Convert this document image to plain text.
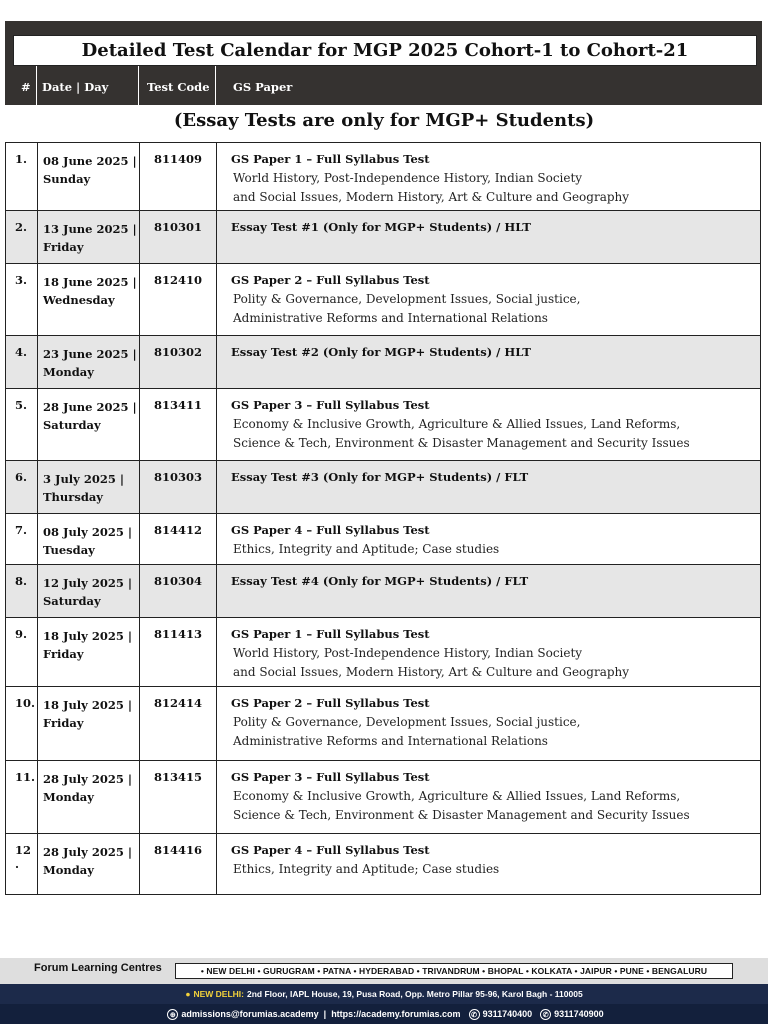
Detailed Test Calendar for MGP 2025 Cohort-1 to Cohort-21
# Date | Day	Test Code GS Paper
(Essay Tests are only for MGP+ Students)
1. 08 June 2025 |
Sunday
811409	GS Paper 1 – Full Syllabus Test
World History, Post-Independence History, Indian Society
and Social Issues, Modern History, Art & Culture and Geography
2. 13 June 2025 |
Friday
810301	Essay Test #1 (Only for MGP+ Students) / HLT
3. 18 June 2025 |
Wednesday
812410	GS Paper 2 – Full Syllabus Test
Polity & Governance, Development Issues, Social justice,
Administrative Reforms and International Relations
4. 23 June 2025 |
Monday
810302	Essay Test #2 (Only for MGP+ Students) / HLT
5. 28 June 2025 |
Saturday
813411	GS Paper 3 – Full Syllabus Test
Economy & Inclusive Growth, Agriculture & Allied Issues, Land Reforms,
Science & Tech, Environment & Disaster Management and Security Issues
6. 3 July 2025 |
Thursday
810303	Essay Test #3 (Only for MGP+ Students) / FLT
7. 08 July 2025 |
Tuesday
814412	GS Paper 4 – Full Syllabus Test
Ethics, Integrity and Aptitude; Case studies
8. 12 July 2025 |
Saturday
810304	Essay Test #4 (Only for MGP+ Students) / FLT
9. 18 July 2025 |
Friday
811413	GS Paper 1 – Full Syllabus Test
World History, Post-Independence History, Indian Society
and Social Issues, Modern History, Art & Culture and Geography
10. 18 July 2025 |
Friday
812414	GS Paper 2 – Full Syllabus Test
Polity & Governance, Development Issues, Social justice,
Administrative Reforms and International Relations
11. 28 July 2025 |
Monday
813415	GS Paper 3 – Full Syllabus Test
Economy & Inclusive Growth, Agriculture & Allied Issues, Land Reforms,
Science & Tech, Environment & Disaster Management and Security Issues
12 .
28 July 2025 |
Monday
814416	GS Paper 4 – Full Syllabus Test
Ethics, Integrity and Aptitude; Case studies
Forum Learning Centres	• NEW DELHI • GURUGRAM • PATNA • HYDERABAD • TRIVANDRUM • BHOPAL • KOLKATA • JAIPUR • PUNE • BENGALURU
● NEW DELHI: 2nd Floor, IAPL House, 19, Pusa Road, Opp. Metro Pillar 95-96, Karol Bagh - 110005
⊕ admissions@forumias.academy | https://academy.forumias.com	✆ 9311740400	✆ 9311740900
